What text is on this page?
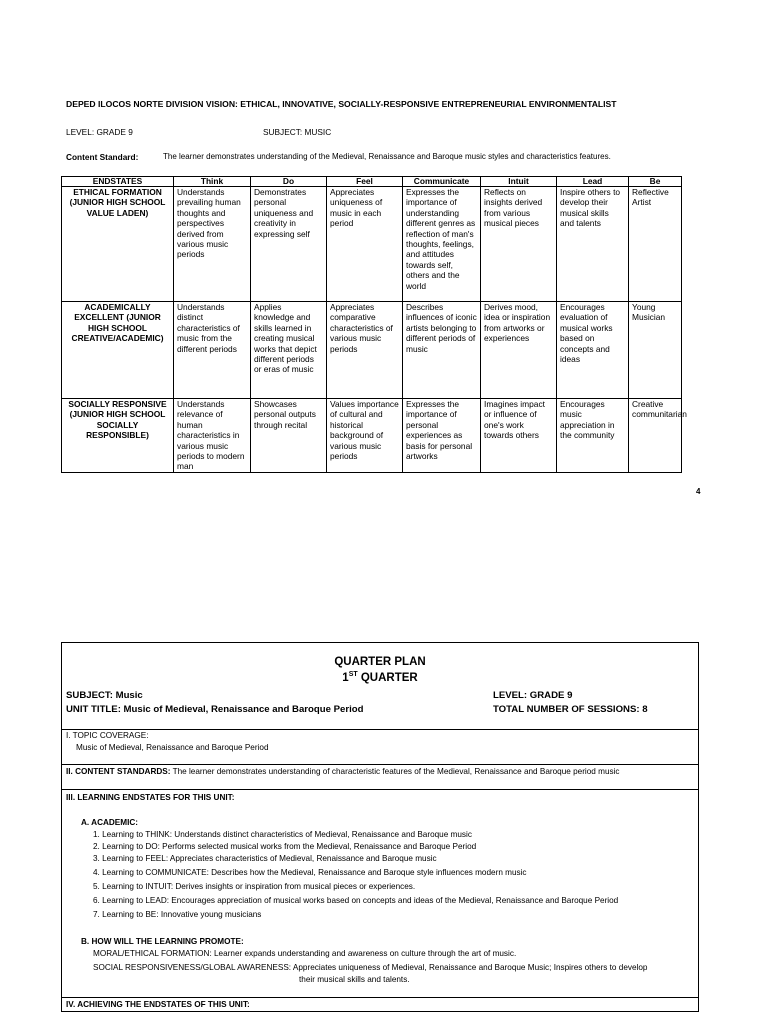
DEPED ILOCOS NORTE DIVISION VISION: ETHICAL, INNOVATIVE, SOCIALLY-RESPONSIVE ENTREPRENEURIAL ENVIRONMENTALIST
LEVEL: GRADE 9	SUBJECT: MUSIC
Content Standard:	The learner demonstrates understanding of the Medieval, Renaissance and Baroque music styles and characteristics features.
ENDSTATES	Think	Do	Feel	Communicate	Intuit	Lead	Be
ETHICAL FORMATION (JUNIOR HIGH SCHOOL VALUE LADEN)	Understands prevailing human thoughts and perspectives derived from various music periods	Demonstrates personal uniqueness and creativity in expressing self	Appreciates uniqueness of music in each period	Expresses the importance of understanding different genres as reflection of man's thoughts, feelings, and attitudes towards self, others and the world	Reflects on insights derived from various musical pieces	Inspire others to develop their musical skills and talents	Reflective Artist
ACADEMICALLY EXCELLENT (JUNIOR HIGH SCHOOL CREATIVE/ACADEMIC)	Understands distinct characteristics of music from the different periods	Applies knowledge and skills learned in creating musical works that depict different periods or eras of music	Appreciates comparative characteristics of various music periods	Describes influences of iconic artists belonging to different periods of music	Derives mood, idea or inspiration from artworks or experiences	Encourages evaluation of musical works based on concepts and ideas	Young Musician
SOCIALLY RESPONSIVE (JUNIOR HIGH SCHOOL SOCIALLY RESPONSIBLE)	Understands relevance of human characteristics in various music periods to modern man	Showcases personal outputs through recital	Values importance of cultural and historical background of various music periods	Expresses the importance of personal experiences as basis for personal artworks	Imagines impact or influence of one's work towards others	Encourages music appreciation in the community	Creative communitarian
4
QUARTER PLAN
1ST QUARTER
SUBJECT: Music
UNIT TITLE: Music of Medieval, Renaissance and Baroque Period
LEVEL: GRADE 9
TOTAL NUMBER OF SESSIONS: 8
I. TOPIC COVERAGE:
Music of Medieval, Renaissance and Baroque Period
II. CONTENT STANDARDS: The learner demonstrates understanding of characteristic features of the Medieval, Renaissance and Baroque period music
III. LEARNING ENDSTATES FOR THIS UNIT:
A. ACADEMIC:
1. Learning to THINK: Understands distinct characteristics of Medieval, Renaissance and Baroque music
2. Learning to DO: Performs selected musical works from the Medieval, Renaissance and Baroque Period
3. Learning to FEEL: Appreciates characteristics of Medieval, Renaissance and Baroque music
4. Learning to COMMUNICATE: Describes how the Medieval, Renaissance and Baroque style influences modern music
5. Learning to INTUIT: Derives insights or inspiration from musical pieces or experiences.
6. Learning to LEAD: Encourages appreciation of musical works based on concepts and ideas of the Medieval, Renaissance and Baroque Period
7. Learning to BE: Innovative young musicians
B. HOW WILL THE LEARNING PROMOTE:
MORAL/ETHICAL FORMATION: Learner expands understanding and awareness on culture through the art of music.
SOCIAL RESPONSIVENESS/GLOBAL AWARENESS: Appreciates uniqueness of Medieval, Renaissance and Baroque Music; Inspires others to develop
their musical skills and talents.
IV. ACHIEVING THE ENDSTATES OF THIS UNIT:
